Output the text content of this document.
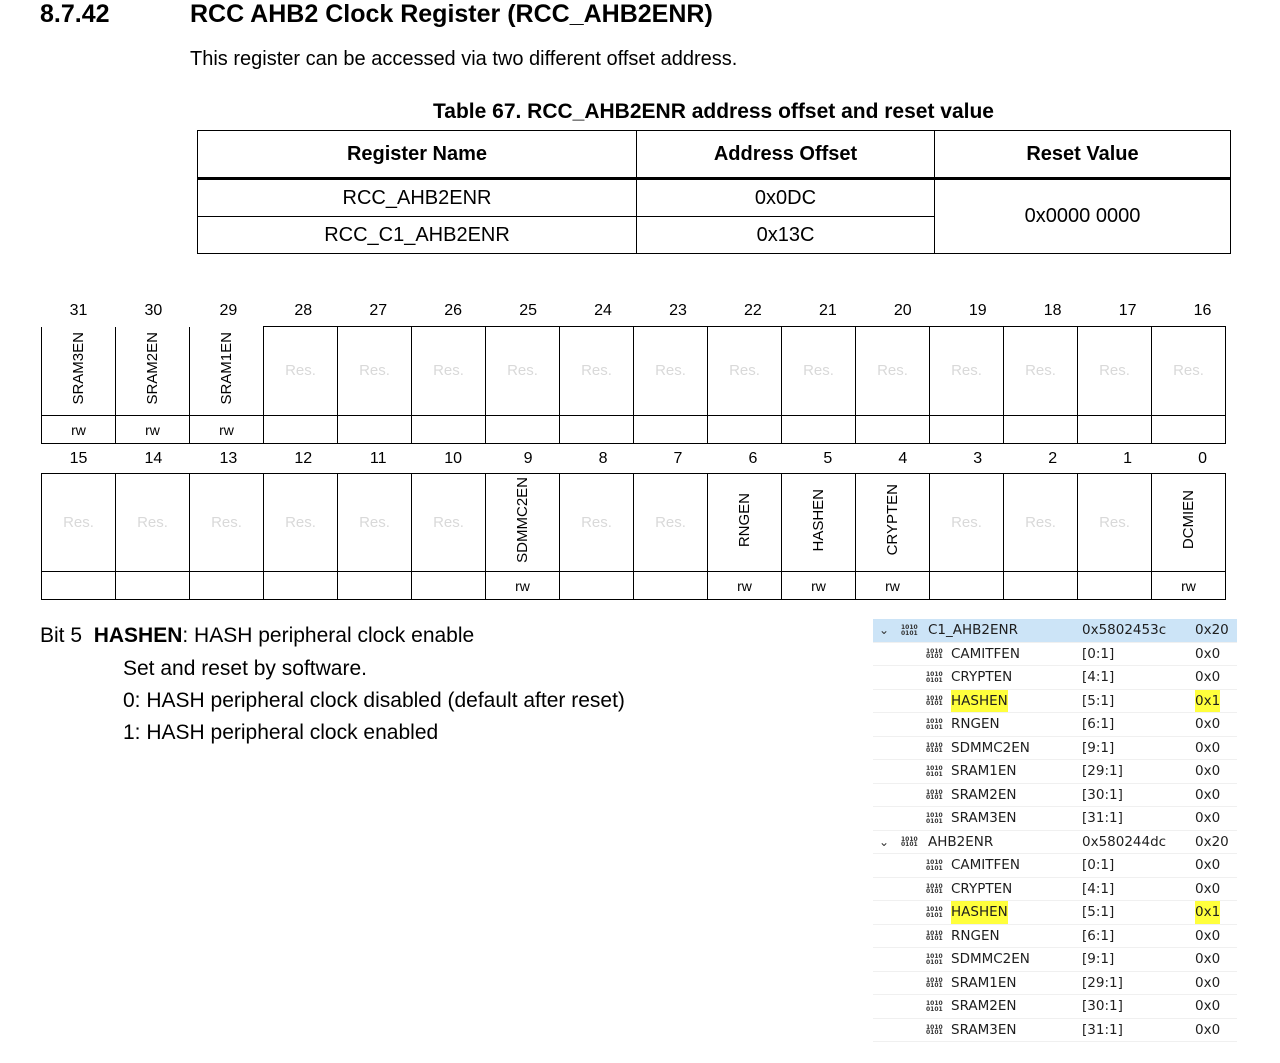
8.7.42	RCC AHB2 Clock Register (RCC_AHB2ENR)
This register can be accessed via two different offset address.
Table 67. RCC_AHB2ENR address offset and reset value
Register Name	Address Offset	Reset Value
RCC_AHB2ENR	0x0DC	0x0000 0000
RCC_C1_AHB2ENR	0x13C	
31	30	29	28	27	26	25	24	23	22	21	20	19	18	17	16
SRAM3EN	SRAM2EN	SRAM1EN	Res.	Res.	Res.	Res.	Res.	Res.	Res.	Res.	Res.	Res.	Res.	Res.	Res.
rw	rw	rw													
15	14	13	12	11	10	9	8	7	6	5	4	3	2	1	0
Res.	Res.	Res.	Res.	Res.	Res.	SDMMC2EN	Res.	Res.	RNGEN	HASHEN	CRYPTEN	Res.	Res.	Res.	DCMIEN
						rw			rw	rw	rw				rw
Bit 5 HASHEN: HASH peripheral clock enable
Set and reset by software.
0: HASH peripheral clock disabled (default after reset)
1: HASH peripheral clock enabled
⌄ 1010 0101 C1_AHB2ENR	0x5802453c 0x20
1010 0101 CAMITFEN	[0:1]	0x0
1010 0101 CRYPTEN	[4:1]	0x0
1010 0101 HASHEN	[5:1]	0x1
1010 0101 RNGEN	[6:1]	0x0
1010 0101 SDMMC2EN	[9:1]	0x0
1010 0101 SRAM1EN	[29:1]	0x0
1010 0101 SRAM2EN	[30:1]	0x0
1010 0101 SRAM3EN	[31:1]	0x0
⌄ 1010 0101 AHB2ENR	0x580244dc 0x20
1010 0101 CAMITFEN	[0:1]	0x0
1010 0101 CRYPTEN	[4:1]	0x0
1010 0101 HASHEN	[5:1]	0x1
1010 0101 RNGEN	[6:1]	0x0
1010 0101 SDMMC2EN	[9:1]	0x0
1010 0101 SRAM1EN	[29:1]	0x0
1010 0101 SRAM2EN	[30:1]	0x0
1010 0101 SRAM3EN	[31:1]	0x0
